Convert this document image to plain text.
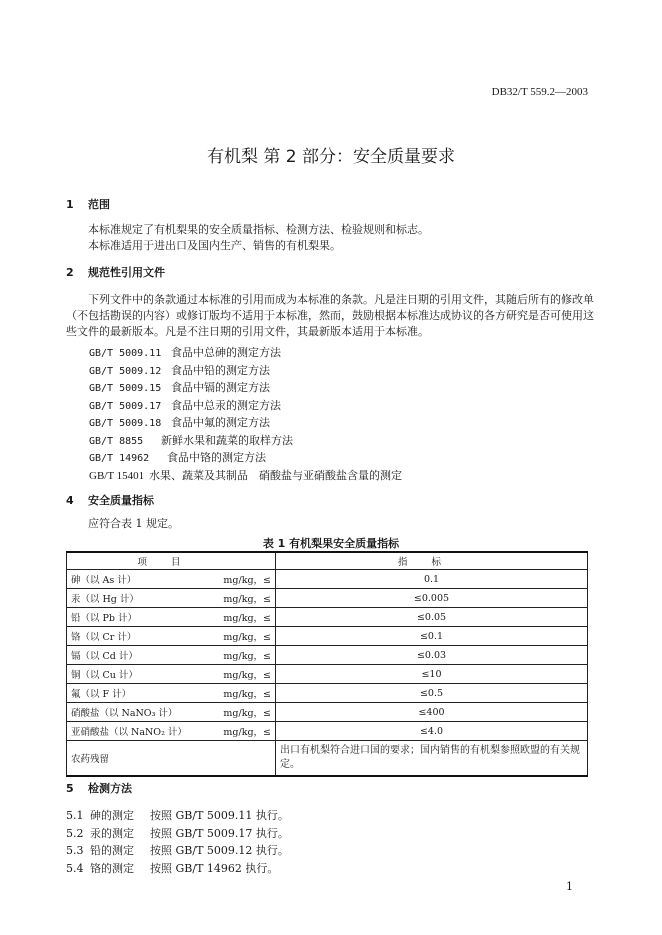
DB32/T 559.2—2003
有机梨 第 2 部分：安全质量要求
1 范围
本标准规定了有机梨果的安全质量指标、检测方法、检验规则和标志。
本标准适用于进出口及国内生产、销售的有机梨果。
2 规范性引用文件
下列文件中的条款通过本标准的引用而成为本标准的条款。凡是注日期的引用文件，其随后所有的修改单（不包括勘误的内容）或修订版均不适用于本标准，然而，鼓励根据本标准达成协议的各方研究是否可使用这些文件的最新版本。凡是不注日期的引用文件，其最新版本适用于本标准。
GB/T 5009.11 食品中总砷的测定方法
GB/T 5009.12 食品中铅的测定方法
GB/T 5009.15 食品中镉的测定方法
GB/T 5009.17 食品中总汞的测定方法
GB/T 5009.18 食品中氟的测定方法
GB/T 8855 新鲜水果和蔬菜的取样方法
GB/T 14962 食品中铬的测定方法
GB/T 15401 水果、蔬菜及其制品　硝酸盐与亚硝酸盐含量的测定
4 安全质量指标
应符合表 1 规定。
表 1 有机梨果安全质量指标
项目	指标

砷（以 As 计） mg/kg，≤	0.1

汞（以 Hg 计） mg/kg，≤	≤0.005

铅（以 Pb 计） mg/kg，≤	≤0.05

铬（以 Cr 计） mg/kg，≤	≤0.1

镉（以 Cd 计） mg/kg，≤	≤0.03

铜（以 Cu 计） mg/kg，≤	≤10

氟（以 F 计） mg/kg，≤	≤0.5

硝酸盐（以 NaNO₃ 计） mg/kg，≤	≤400

亚硝酸盐（以 NaNO₂ 计） mg/kg，≤	≤4.0

农药残留	出口有机梨符合进口国的要求；国内销售的有机梨参照欧盟的有关规定。
5 检测方法
5.1 砷的测定 按照 GB/T 5009.11 执行。
5.2 汞的测定 按照 GB/T 5009.17 执行。
5.3 铅的测定 按照 GB/T 5009.12 执行。
5.4 铬的测定 按照 GB/T 14962 执行。
1
